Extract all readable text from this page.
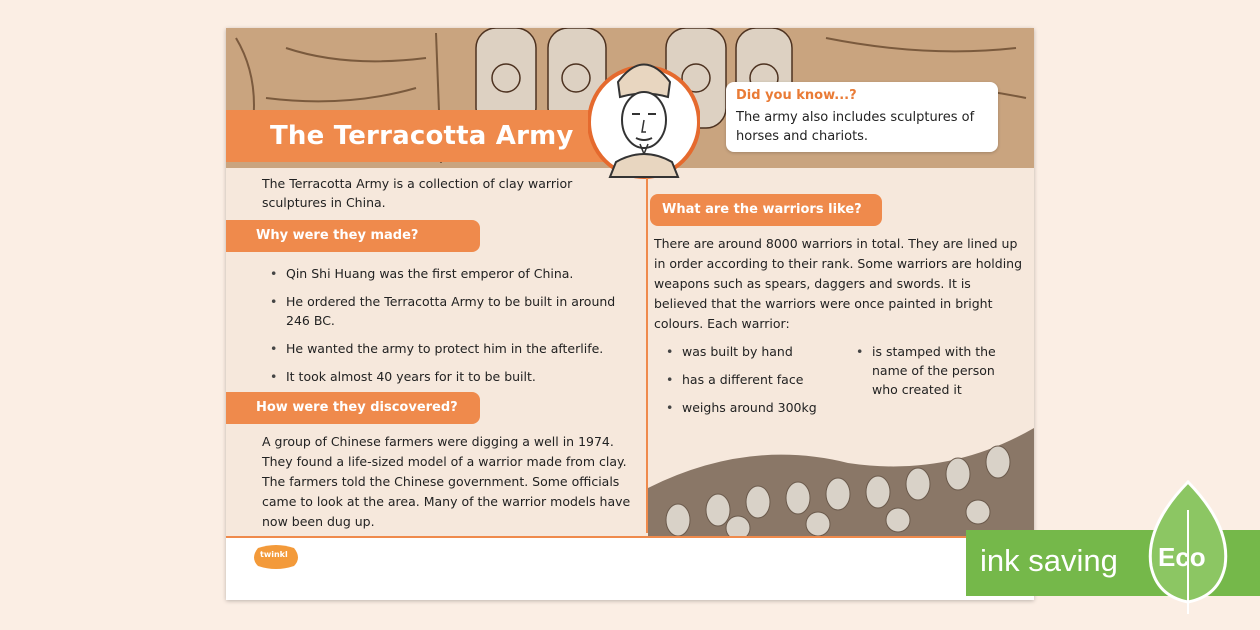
The Terracotta Army
Did you know...?
The army also includes sculptures of horses and chariots.
The Terracotta Army is a collection of clay warrior sculptures in China.
Why were they made?
• Qin Shi Huang was the first emperor of China.
• He ordered the Terracotta Army to be built in around 246 BC.
• He wanted the army to protect him in the afterlife.
• It took almost 40 years for it to be built.
How were they discovered?
A group of Chinese farmers were digging a well in 1974. They found a life-sized model of a warrior made from clay. The farmers told the Chinese government. Some officials came to look at the area. Many of the warrior models have now been dug up.
What are the warriors like?
There are around 8000 warriors in total. They are lined up in order according to their rank. Some warriors are holding weapons such as spears, daggers and swords. It is believed that the warriors were once painted in bright colours. Each warrior:
• was built by hand
• has a different face
• weighs around 300kg
• is stamped with the name of the person who created it
twinkl	ink saving Eco
